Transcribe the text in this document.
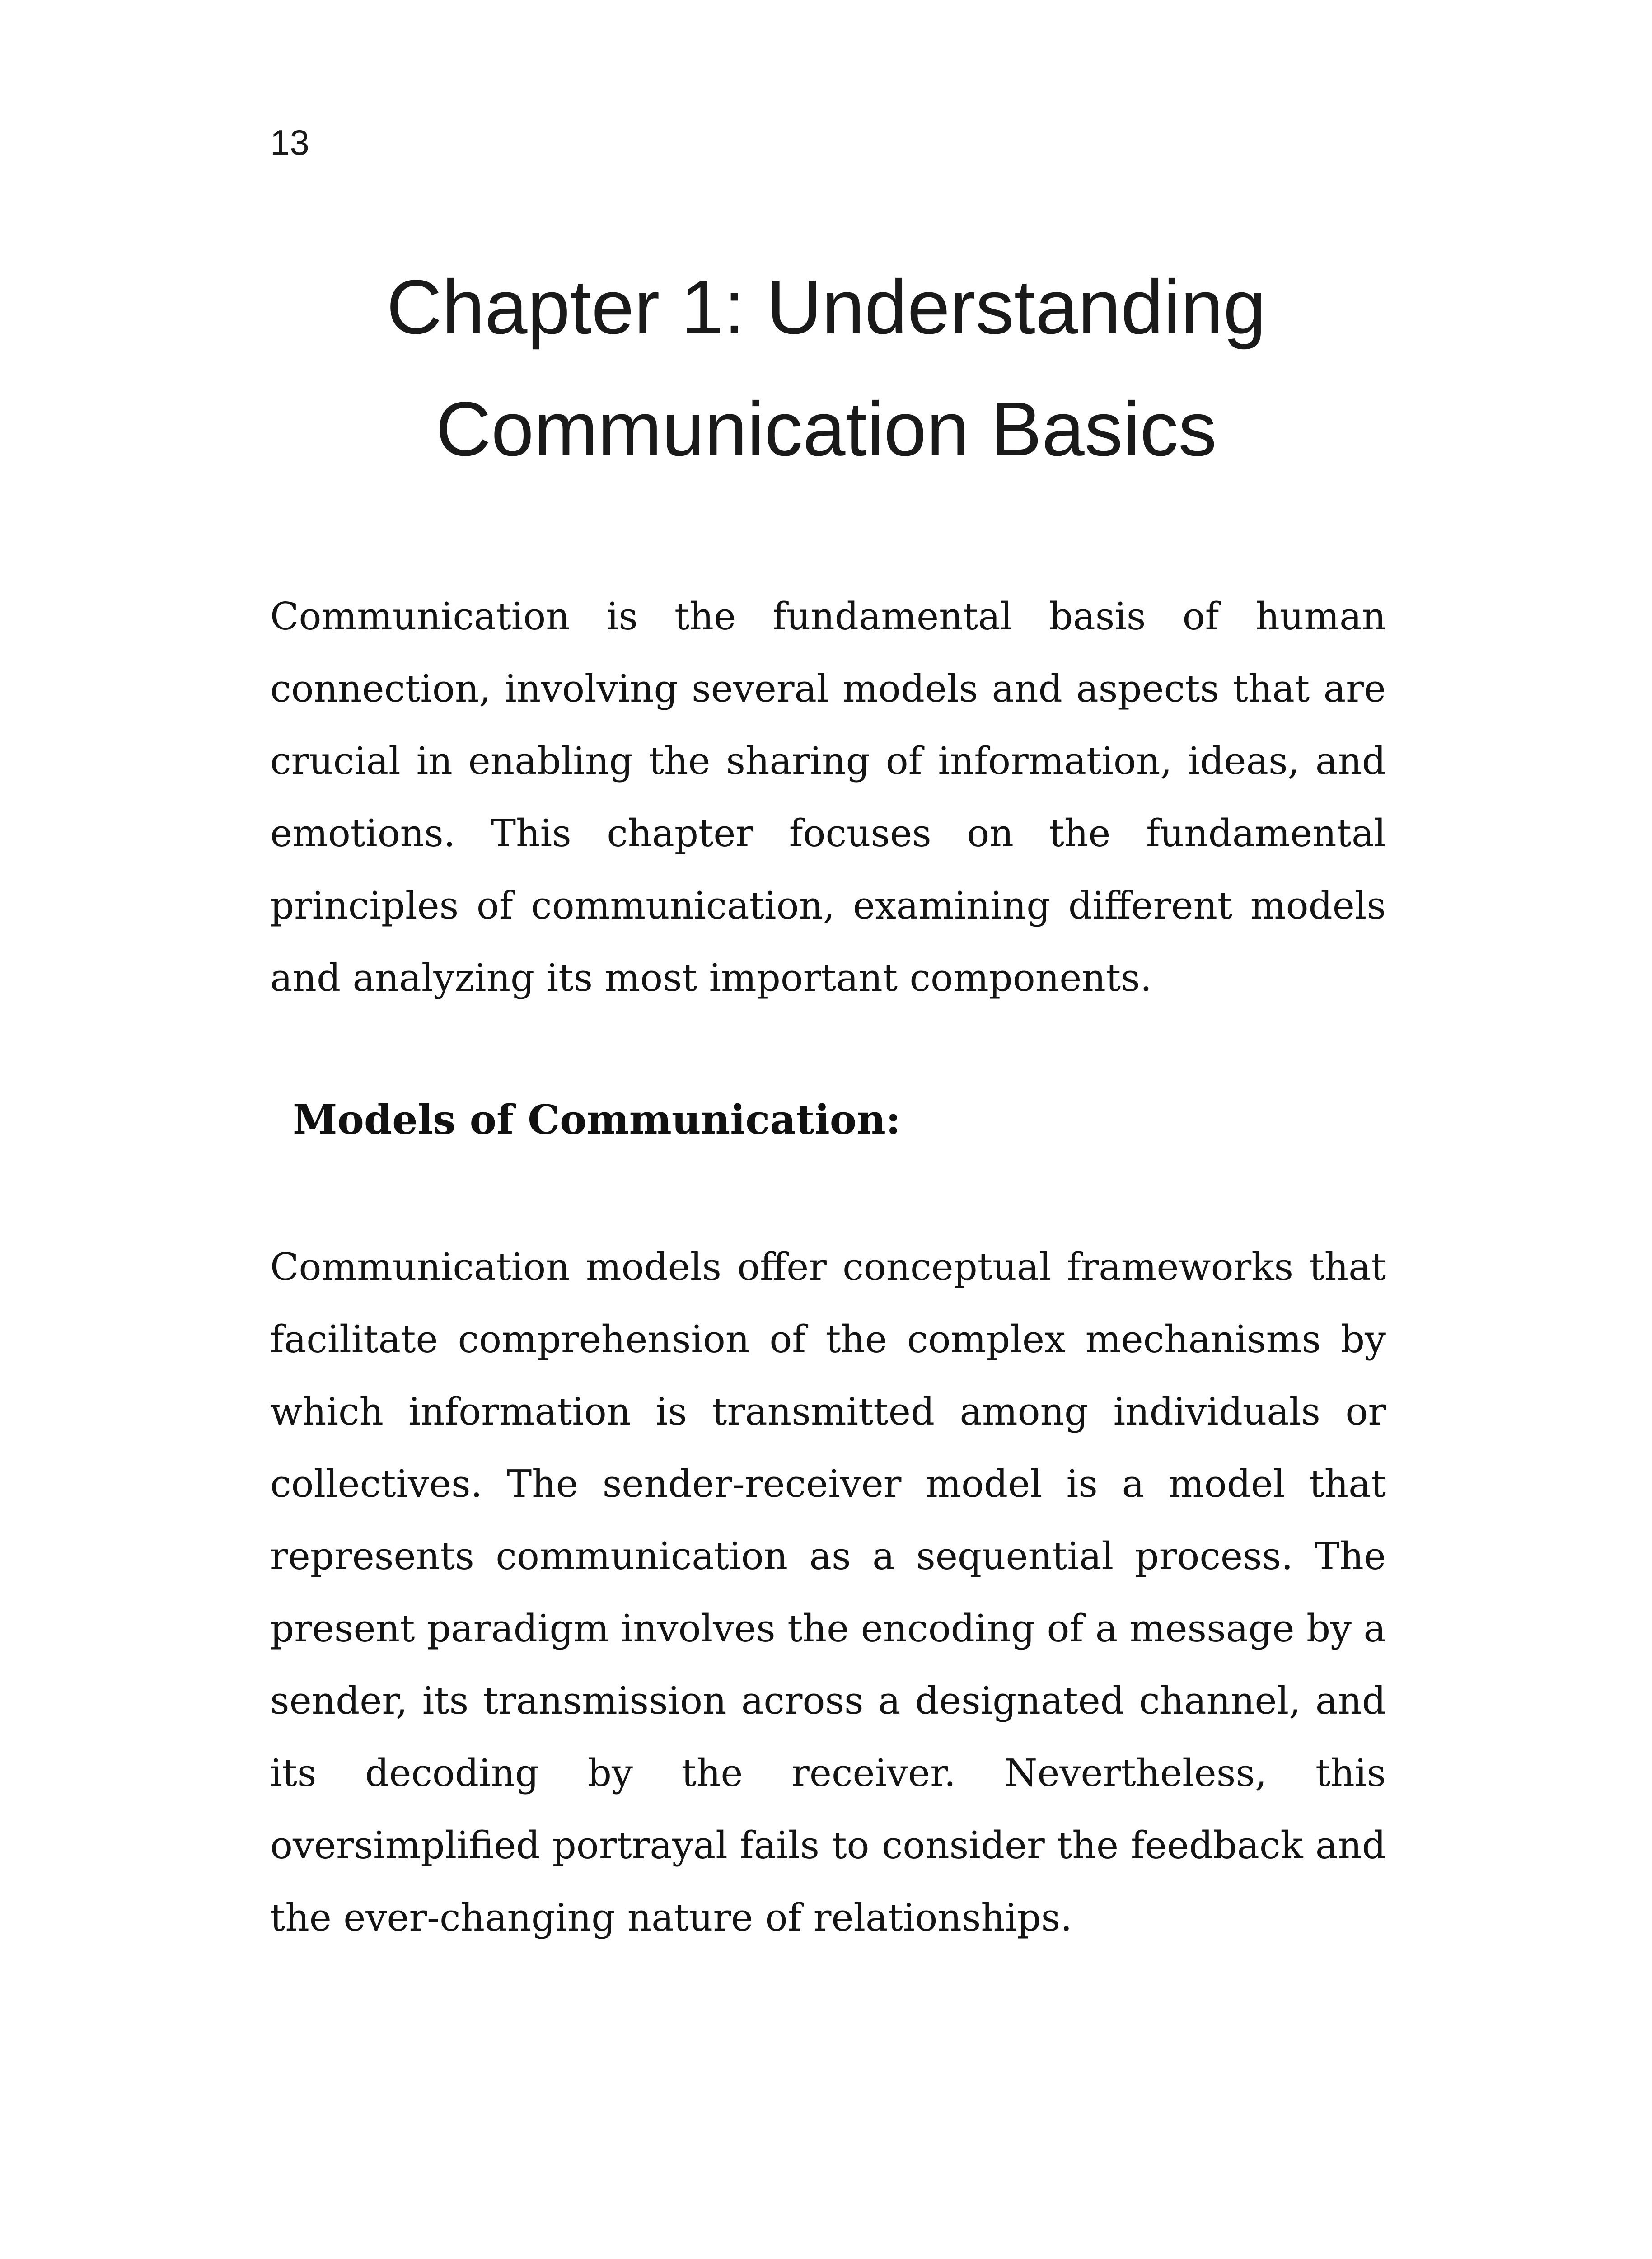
13
Chapter 1: Understanding
Communication Basics

Communication is the fundamental basis of human connection, involving several models and aspects that are crucial in enabling the sharing of information, ideas, and emotions. This chapter focuses on the fundamental principles of communication, examining different models and analyzing its most important components.

Models of Communication:

Communication models offer conceptual frameworks that facilitate comprehension of the complex mechanisms by which information is transmitted among individuals or collectives. The sender-receiver model is a model that represents communication as a sequential process. The present paradigm involves the encoding of a message by a sender, its transmission across a designated channel, and its decoding by the receiver. Nevertheless, this oversimplified portrayal fails to consider the feedback and the ever-changing nature of relationships.
